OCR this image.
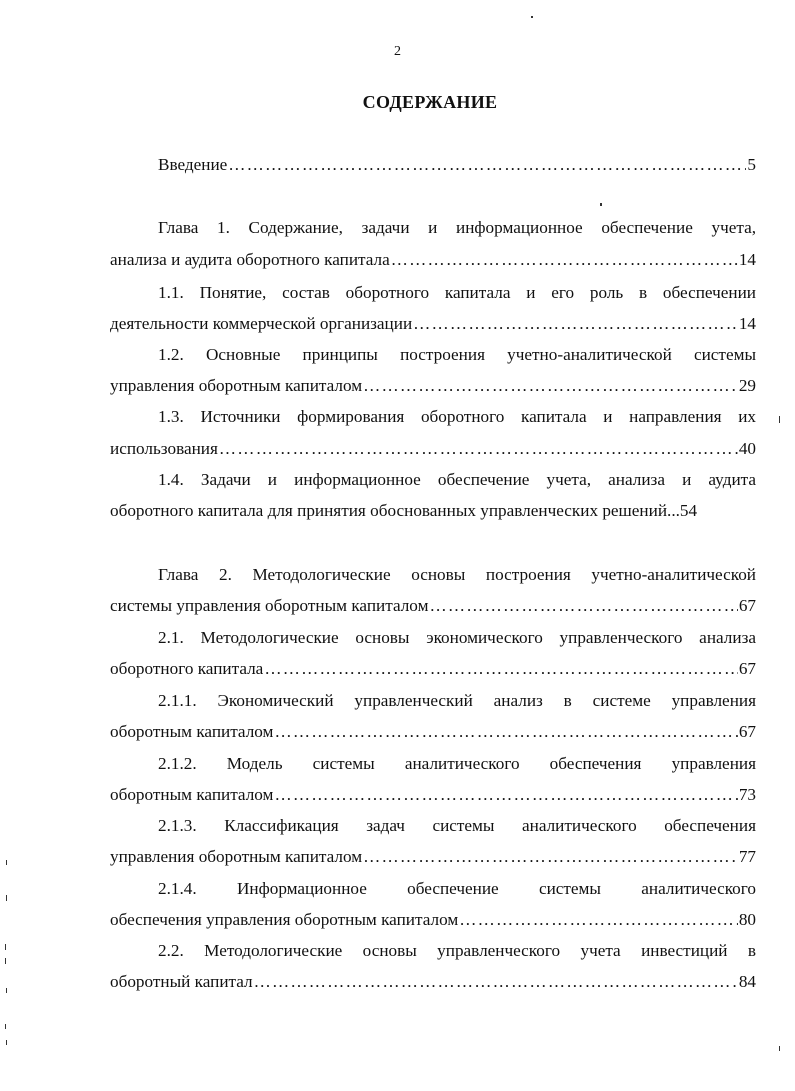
2
СОДЕРЖАНИЕ
Введение …………………………………………………………………………………………………………………………………………………………	5
Глава 1. Содержание, задачи и информационное обеспечение учета,
анализа и аудита оборотного капитала …………………………………………………………………………………………………………………………………………………………	14
1.1. Понятие, состав оборотного капитала и его роль в обеспечении
деятельности коммерческой организации …………………………………………………………………………………………………………………………………………………………	14
1.2. Основные принципы построения учетно-аналитической системы
управления оборотным капиталом …………………………………………………………………………………………………………………………………………………………	29
1.3. Источники формирования оборотного капитала и направления их
использования …………………………………………………………………………………………………………………………………………………………	40
1.4. Задачи и информационное обеспечение учета, анализа и аудита
оборотного капитала для принятия обоснованных управленческих решений...54
Глава 2. Методологические основы построения учетно-аналитической
системы управления оборотным капиталом …………………………………………………………………………………………………………………………………………………………	67
2.1. Методологические основы экономического управленческого анализа
оборотного капитала …………………………………………………………………………………………………………………………………………………………	67
2.1.1. Экономический управленческий анализ в системе управления
оборотным капиталом …………………………………………………………………………………………………………………………………………………………	67
2.1.2. Модель системы аналитического обеспечения управления
оборотным капиталом …………………………………………………………………………………………………………………………………………………………	73
2.1.3. Классификация задач системы аналитического обеспечения
управления оборотным капиталом …………………………………………………………………………………………………………………………………………………………	77
2.1.4. Информационное обеспечение системы аналитического
обеспечения управления оборотным капиталом …………………………………………………………………………………………………………………………………………………………	80
2.2. Методологические основы управленческого учета инвестиций в
оборотный капитал …………………………………………………………………………………………………………………………………………………………	84
